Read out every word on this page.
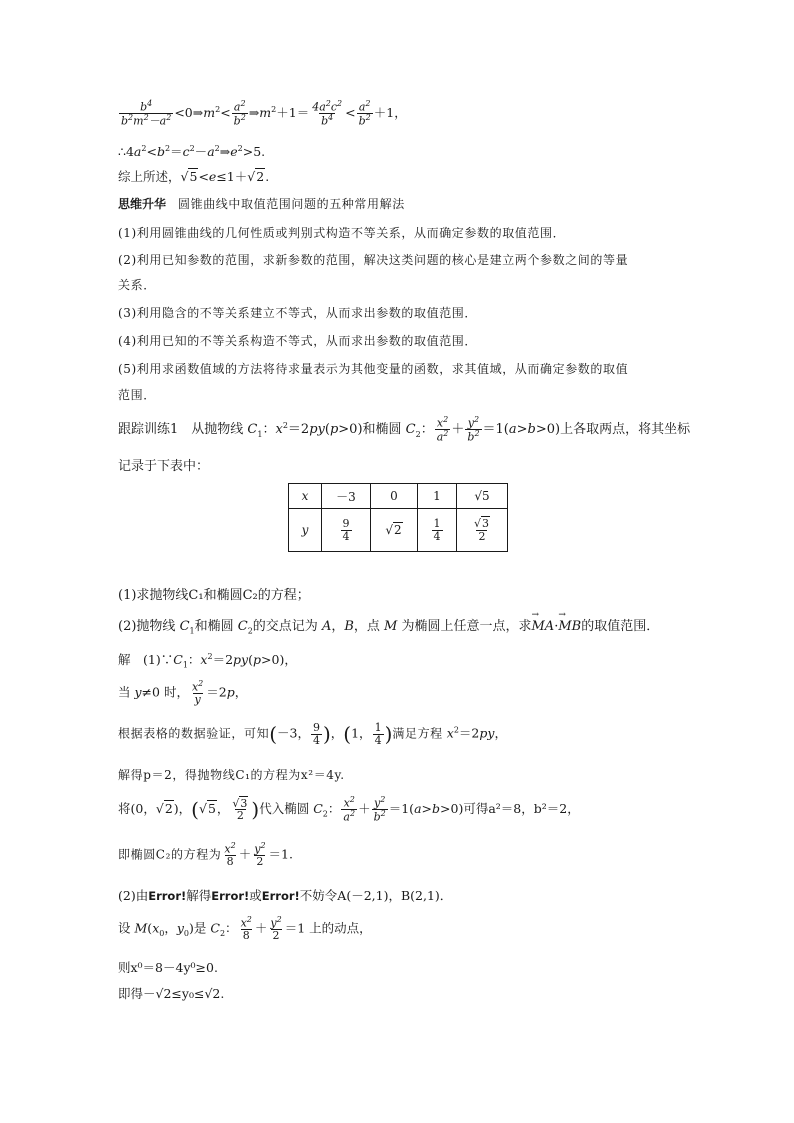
$\frac{b^4}{b^2m^2-a^2}$ $<0\Rightarrow m^2< \frac{a^2}{b^2}$ $\Rightarrow m^2+1= \frac{4a^2c^2}{b^4} < \frac{a^2}{b^2} +1$，
$\therefore 4a^2<b^2=c^2-a^2\Rightarrow e^2>5$.
综上所述，√5<e≤1＋√2.
思维升华 圆锥曲线中取值范围问题的五种常用解法
(1)利用圆锥曲线的几何性质或判别式构造不等关系，从而确定参数的取值范围．
(2)利用已知参数的范围，求新参数的范围，解决这类问题的核心是建立两个参数之间的等量
关系．
(3)利用隐含的不等关系建立不等式，从而求出参数的取值范围．
(4)利用已知的不等关系构造不等式，从而求出参数的取值范围．
(5)利用求函数值域的方法将待求量表示为其他变量的函数，求其值域，从而确定参数的取值
范围．
跟踪训练1　从抛物线 $C_1$：$x^2=2py(p>0)$和椭圆 $C_2$： $\frac{x^2}{a^2} + \frac{y^2}{b^2} =1(a>b>0)$上各取两点，将其坐标
记录于下表中：
x	－3	0	1	√5
y	$\frac{9}{4}$	√2	$\frac{1}{4}$	$\frac{√3}{2}$
(1)求抛物线C₁和椭圆C₂的方程；
(2)抛物线 $C_1$和椭圆 $C_2$的交点记为 A，B，点 M 为椭圆上任意一点，求→ MA·→ MB的取值范围．
解　$(1)\because C_1$：$x^2=2py(p>0)$，
当 y≠0 时， $\frac{x^2}{y} =2p$，
根据表格的数据验证，可知(－3， $\frac{9}{4}$ )，(1， $\frac{1}{4}$ )满足方程 $x^2=2py$，
解得p＝2，得抛物线C₁的方程为x²＝4y.
将(0，√2)，(√5， $\frac{√3}{2}$ )代入椭圆 $C_2$： $\frac{x^2}{a^2} + \frac{y^2}{b^2} =1(a>b>0)$可得a²＝8，b²＝2，
即椭圆C₂的方程为 $\frac{x^2}{8} + \frac{y^2}{2} =1$.
(2)由Error!解得Error!或Error!不妨令A(－2,1)，B(2,1)．
设 $M(x_0$，$y_0$)是 $C_2$： $\frac{x^2}{8} + \frac{y^2}{2} =1$ 上的动点，
则x⁰＝8－4y⁰≥0.
即得－√2≤y₀≤√2.
